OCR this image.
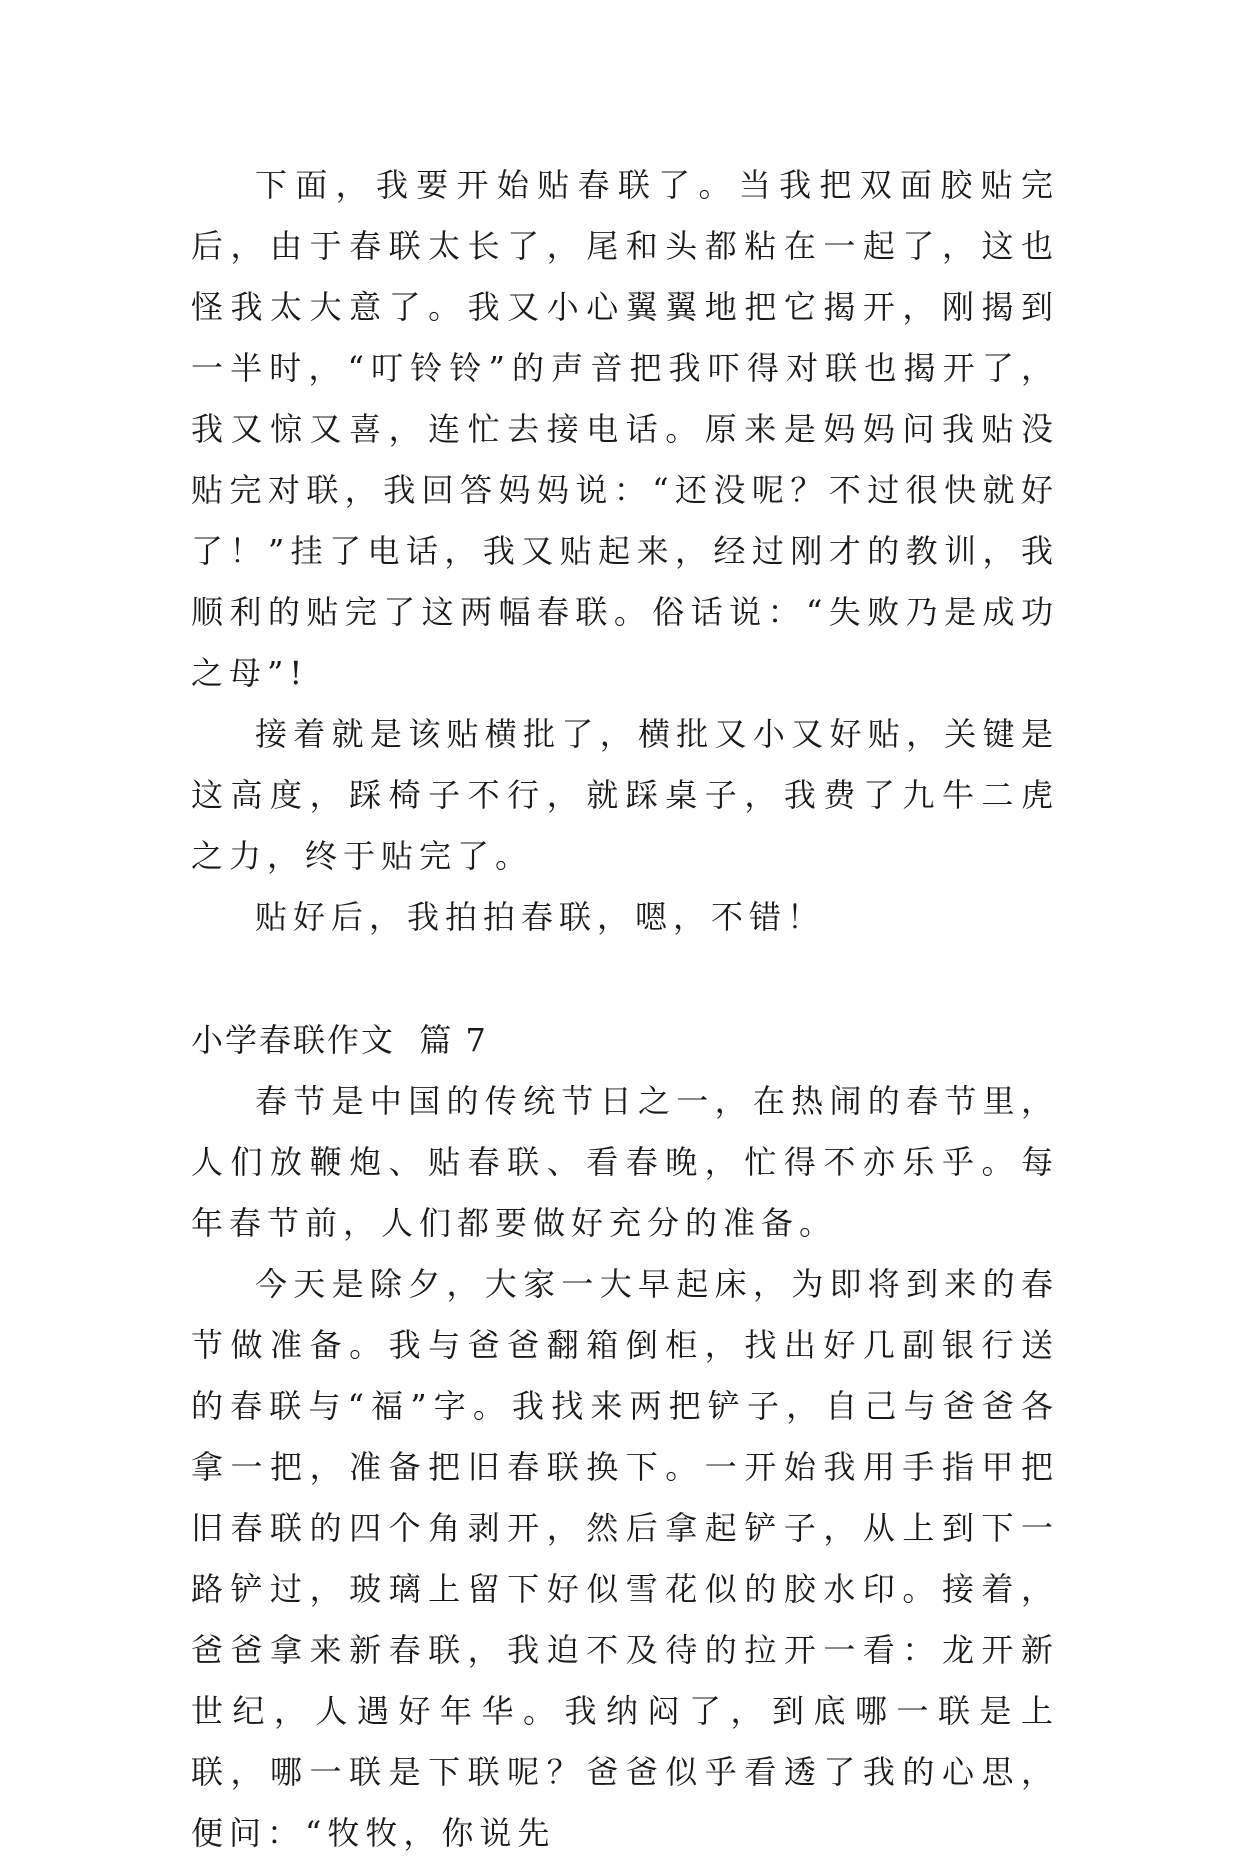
下面，我要开始贴春联了。当我把双面胶贴完后，由于春联太长了，尾和头都粘在一起了，这也怪我太大意了。我又小心翼翼地把它揭开，刚揭到一半时，“叮铃铃”的声音把我吓得对联也揭开了，我又惊又喜，连忙去接电话。原来是妈妈问我贴没贴完对联，我回答妈妈说：“还没呢？不过很快就好了！”挂了电话，我又贴起来，经过刚才的教训，我顺利的贴完了这两幅春联。俗话说：“失败乃是成功之母”!

接着就是该贴横批了，横批又小又好贴，关键是这高度，踩椅子不行，就踩桌子，我费了九牛二虎之力，终于贴完了。

贴好后，我拍拍春联，嗯，不错！

小学春联作文  篇 7

春节是中国的传统节日之一，在热闹的春节里，人们放鞭炮、贴春联、看春晚，忙得不亦乐乎。每年春节前，人们都要做好充分的准备。

今天是除夕，大家一大早起床，为即将到来的春节做准备。我与爸爸翻箱倒柜，找出好几副银行送的春联与“福”字。我找来两把铲子，自己与爸爸各拿一把，准备把旧春联换下。一开始我用手指甲把旧春联的四个角剥开，然后拿起铲子，从上到下一路铲过，玻璃上留下好似雪花似的胶水印。接着，爸爸拿来新春联，我迫不及待的拉开一看：龙开新世纪，人遇好年华。我纳闷了，到底哪一联是上联，哪一联是下联呢？爸爸似乎看透了我的心思，便问：“牧牧，你说先
